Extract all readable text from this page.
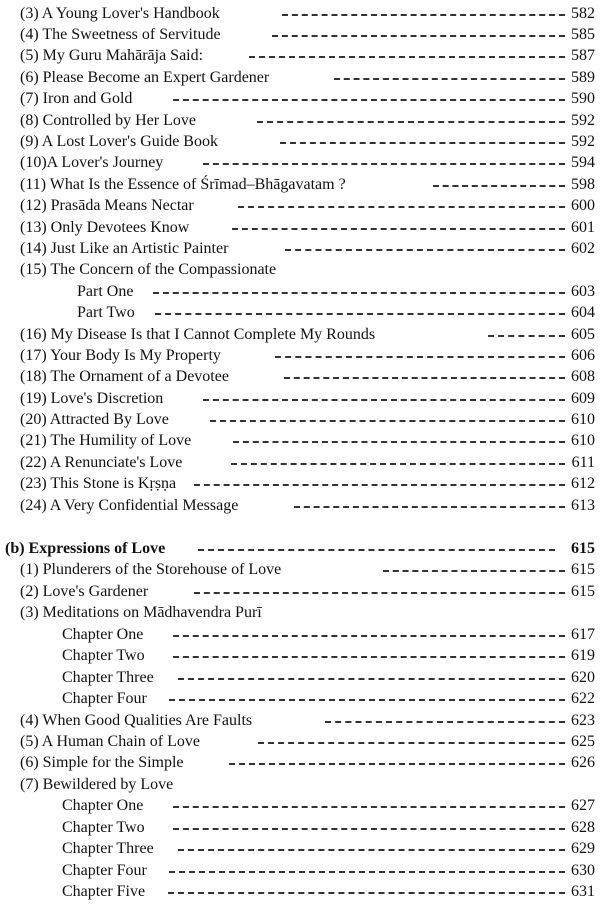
(3) A Young Lover's Handbook	582
(4) The Sweetness of Servitude	585
(5) My Guru Mahārāja Said:	587
(6) Please Become an Expert Gardener	589
(7) Iron and Gold	590
(8) Controlled by Her Love	592
(9) A Lost Lover's Guide Book	592
(10)A Lover's Journey	594
(11) What Is the Essence of Śrīmad–Bhāgavatam ?	598
(12) Prasāda Means Nectar	600
(13) Only Devotees Know	601
(14) Just Like an Artistic Painter	602
(15) The Concern of the Compassionate
Part One	603
Part Two	604
(16) My Disease Is that I Cannot Complete My Rounds	605
(17) Your Body Is My Property	606
(18) The Ornament of a Devotee	608
(19) Love's Discretion	609
(20) Attracted By Love	610
(21) The Humility of Love	610
(22) A Renunciate's Love	611
(23) This Stone is Kṛṣṇa	612
(24) A Very Confidential Message	613
(b) Expressions of Love	615
(1) Plunderers of the Storehouse of Love	615
(2) Love's Gardener	615
(3) Meditations on Mādhavendra Purī
Chapter One	617
Chapter Two	619
Chapter Three	620
Chapter Four	622
(4) When Good Qualities Are Faults	623
(5) A Human Chain of Love	625
(6) Simple for the Simple	626
(7) Bewildered by Love
Chapter One	627
Chapter Two	628
Chapter Three	629
Chapter Four	630
Chapter Five	631
